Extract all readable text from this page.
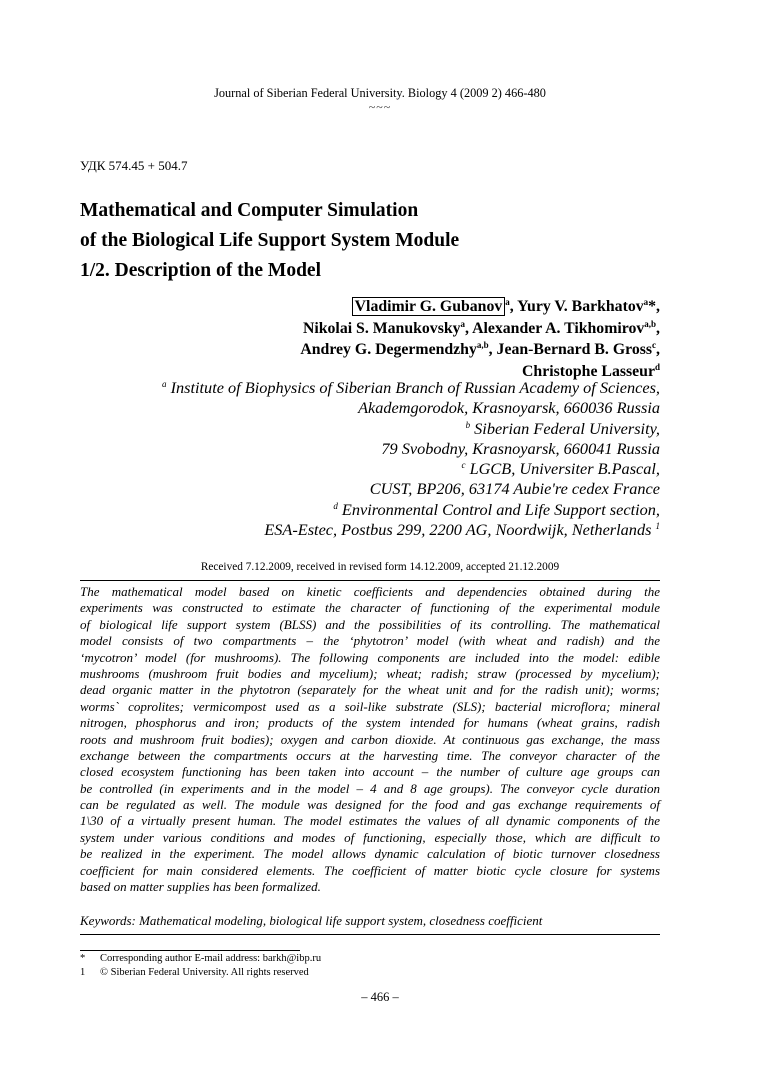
Journal of Siberian Federal University. Biology 4 (2009 2) 466-480
~~~
УДК 574.45 + 504.7
Mathematical and Computer Simulation
of the Biological Life Support System Module
1/2. Description of the Model
Vladimir G. Gubanov $^a$, Yury V. Barkhatov$^a$*,
Nikolai S. Manukovsky$^a$, Alexander A. Tikhomirov$^{a,b}$,
Andrey G. Degermendzhy$^{a,b}$, Jean-Bernard B. Gross$^c$,
Christophe Lasseur$^d$
$^a$ Institute of Biophysics of Siberian Branch of Russian Academy of Sciences,
Akademgorodok, Krasnoyarsk, 660036 Russia
$^b$ Siberian Federal University,
79 Svobodny, Krasnoyarsk, 660041 Russia
$^c$ LGCB, Universiter B.Pascal,
CUST, BP206, 63174 Aubie're cedex France
$^d$ Environmental Control and Life Support section,
ESA-Estec, Postbus 299, 2200 AG, Noordwijk, Netherlands $^1$
Received 7.12.2009, received in revised form 14.12.2009, accepted 21.12.2009
The mathematical model based on kinetic coefficients and dependencies obtained during the
experiments was constructed to estimate the character of functioning of the experimental module
of biological life support system (BLSS) and the possibilities of its controlling. The mathematical
model consists of two compartments – the ‘phytotron’ model (with wheat and radish) and the
‘mycotron’ model (for mushrooms). The following components are included into the model: edible
mushrooms (mushroom fruit bodies and mycelium); wheat; radish; straw (processed by mycelium);
dead organic matter in the phytotron (separately for the wheat unit and for the radish unit); worms;
worms` coprolites; vermicompost used as a soil-like substrate (SLS); bacterial microflora; mineral
nitrogen, phosphorus and iron; products of the system intended for humans (wheat grains, radish
roots and mushroom fruit bodies); oxygen and carbon dioxide. At continuous gas exchange, the mass
exchange between the compartments occurs at the harvesting time. The conveyor character of the
closed ecosystem functioning has been taken into account – the number of culture age groups can
be controlled (in experiments and in the model – 4 and 8 age groups). The conveyor cycle duration
can be regulated as well. The module was designed for the food and gas exchange requirements of
1\30 of a virtually present human. The model estimates the values of all dynamic components of the
system under various conditions and modes of functioning, especially those, which are difficult to
be realized in the experiment. The model allows dynamic calculation of biotic turnover closedness
coefficient for main considered elements. The coefficient of matter biotic cycle closure for systems
based on matter supplies has been formalized.
Keywords: Mathematical modeling, biological life support system, closedness coefficient
* Corresponding author E-mail address: barkh@ibp.ru
1 © Siberian Federal University. All rights reserved
– 466 –
